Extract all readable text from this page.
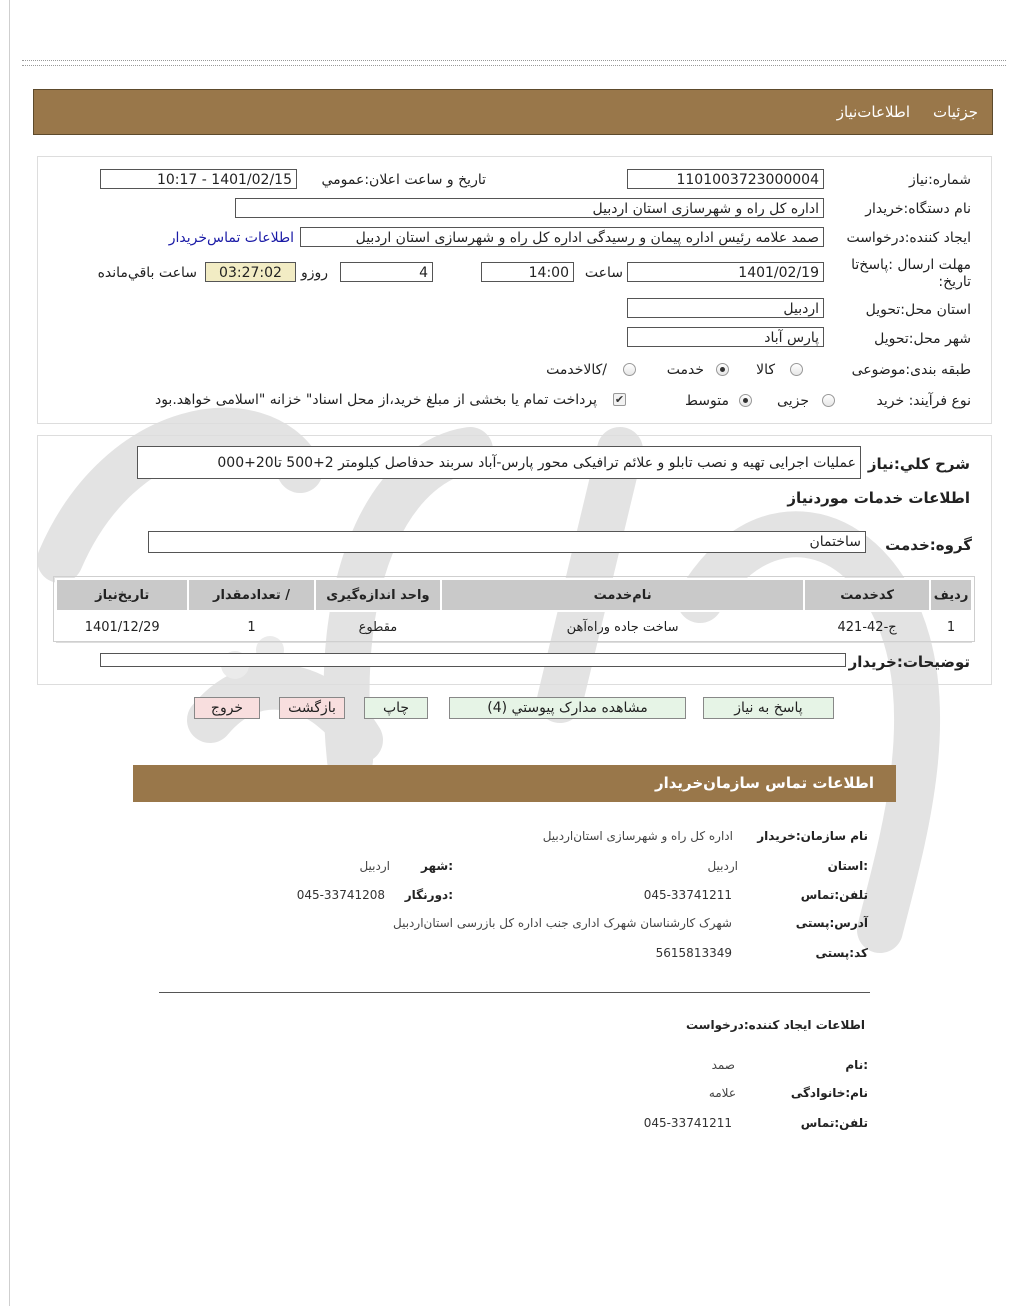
جزئيات
اطلاعات‌نیاز
شماره:نیاز
1101003723000004
تاریخ و ساعت اعلان:عمومي
1401/02/15 - 10:17
نام دستگاه:خریدار
اداره کل راه و شهرسازی استان اردبیل
ایجاد کننده:درخواست
صمد علامه رئیس اداره پیمان و رسیدگی اداره کل راه و شهرسازی استان اردبیل
اطلاعات تماس‌خریدار
مهلت ارسال :پاسخ‌تا تاریخ:
1401/02/19
ساعت
14:00
4
روزو
03:27:02
ساعت باقي‌مانده
استان محل:تحویل
اردبیل
شهر محل:تحویل
پارس آباد
طبقه بندی:موضوعی
کالا
خدمت
/کالاخدمت
نوع فرآیند: خرید
جزیی
متوسط
✔
پرداخت تمام یا بخشی از مبلغ خرید،از محل اسناد" خزانه "اسلامی خواهد.بود
شرح کلي:نیاز
عملیات اجرایی تهیه و نصب تابلو و علائم ترافیکی محور پارس-آباد سربند حدفاصل کیلومتر 2+500 تا20+000
اطلاعات خدمات موردنیاز
گروه:خدمت
ساختمان
رديف	کدخدمت	نام‌خدمت	واحد اندازه‌گیری	/ تعدادمقدار	تاریخ‌نیاز
1	ج-42-421	ساخت جاده وراه‌آهن	مقطوع	1	1401/12/29
توضیحات:خریدار
پاسخ به نیاز
مشاهده مدارک پیوستي (4)
چاپ
بازگشت
خروج
اطلاعات تماس سازمان‌خریدار
نام سازمان:خریدار
اداره کل راه و شهرسازی استان‌اردبیل
:استان
اردبیل
:شهر
اردبیل
تلفن:تماس
045-33741211
:دورنگار
045-33741208
آدرس:پستی
شهرک کارشناسان شهرک اداری جنب اداره کل بازرسی استان‌اردبیل
کد:پستی
5615813349
اطلاعات ایجاد کننده:درخواست
:نام
صمد
نام:خانوادگی
علامه
تلفن:تماس
045-33741211
